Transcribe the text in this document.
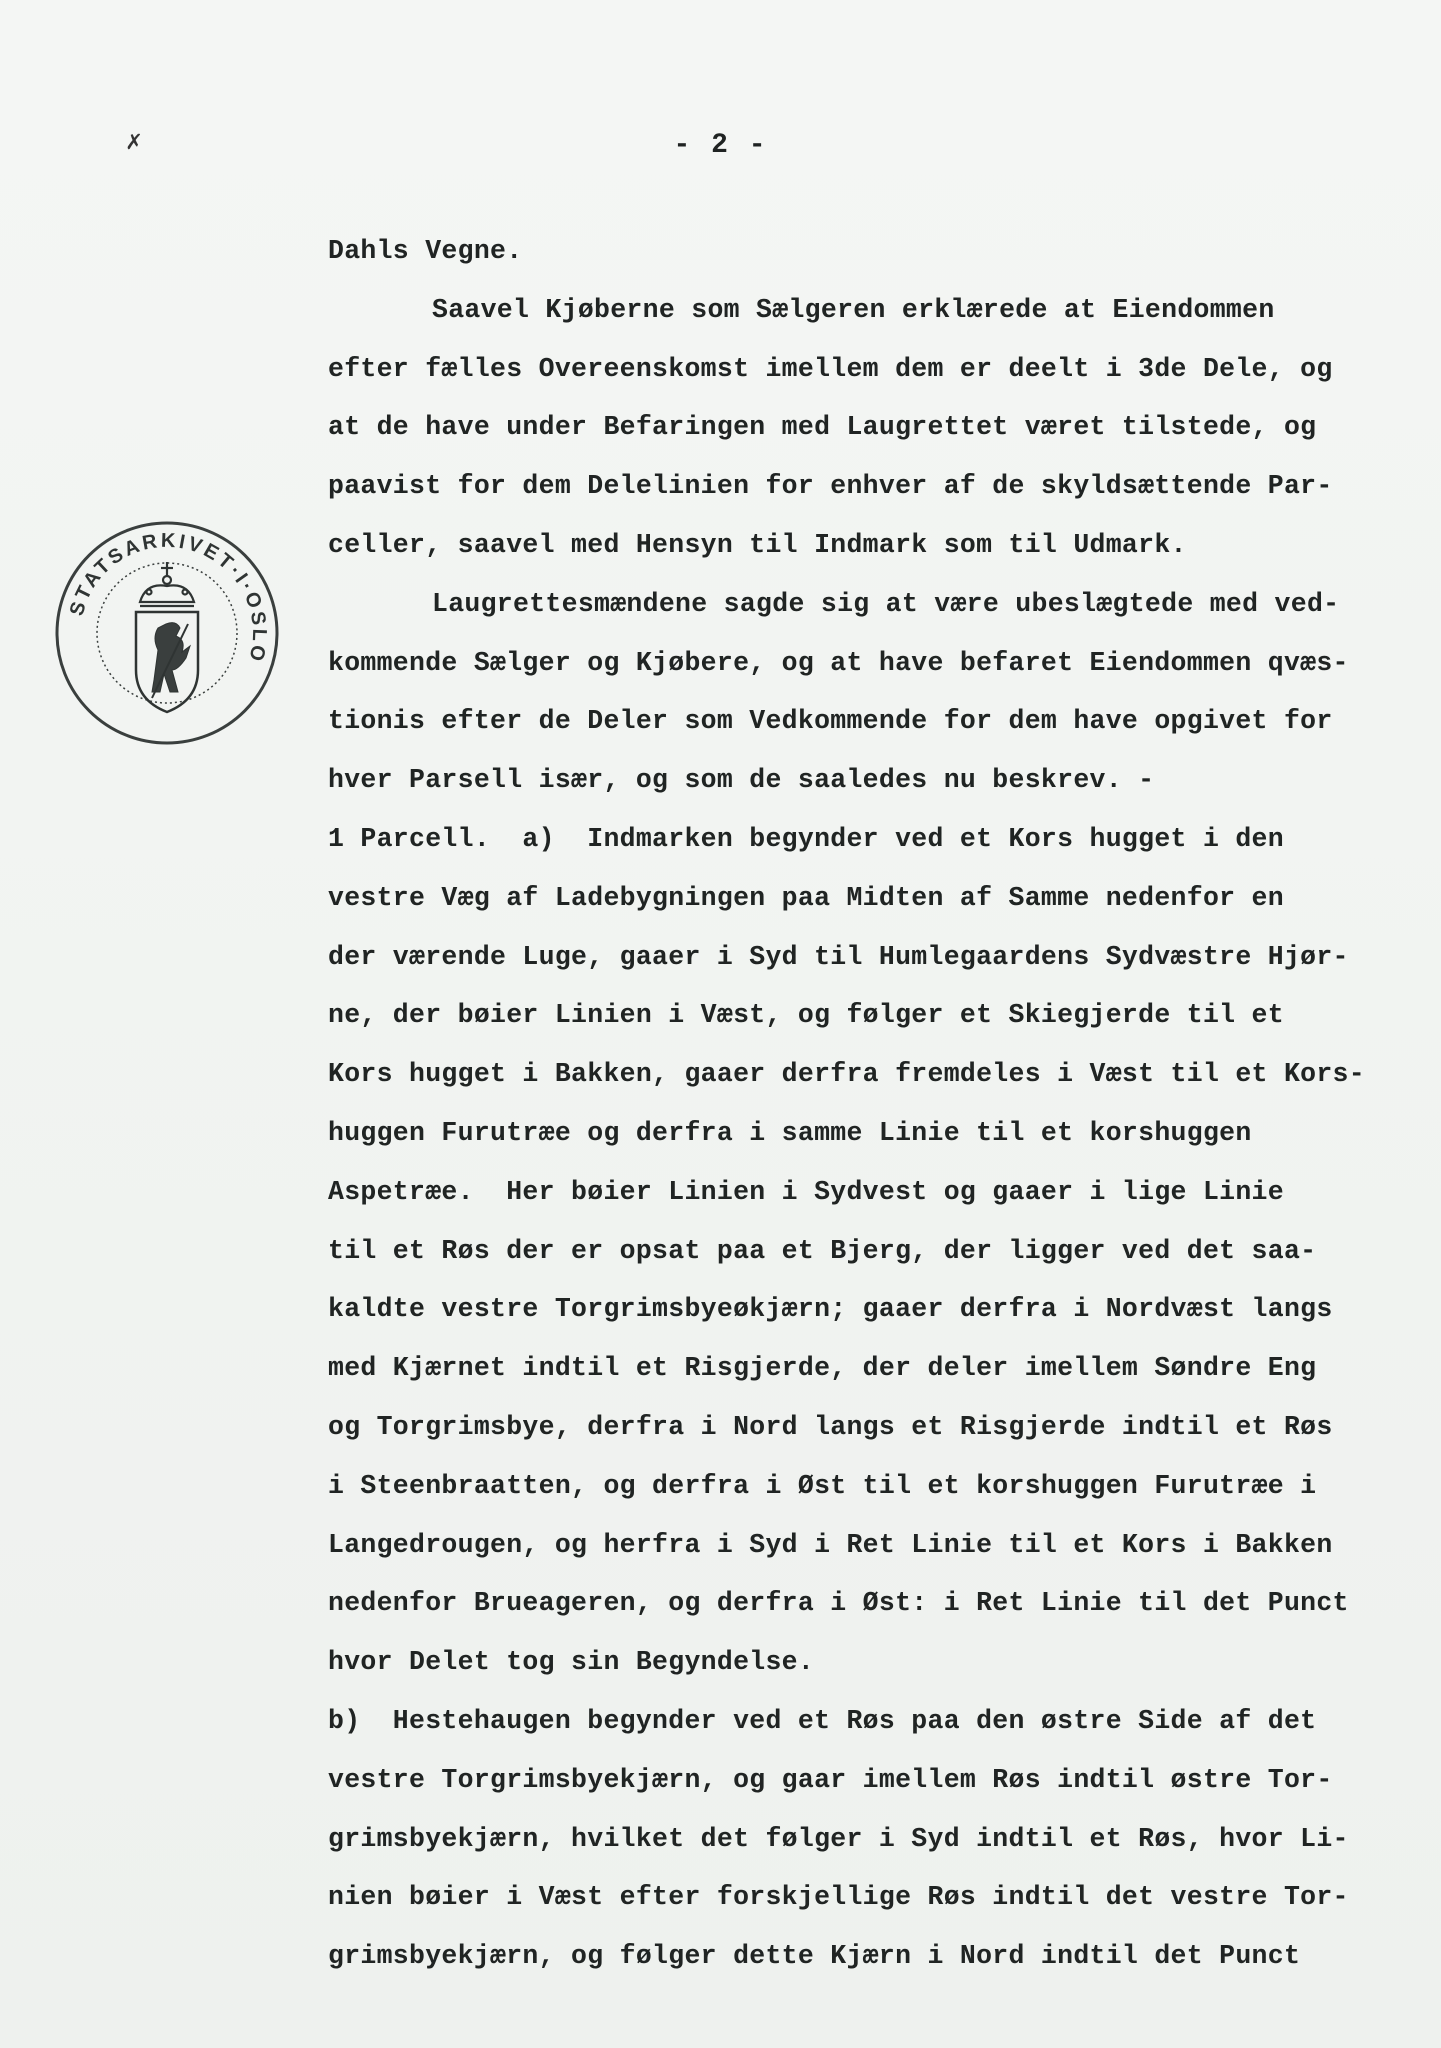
✗	- 2 -
STATSARKIVET·I·OSLO
Dahls Vegne.
Saavel Kjøberne som Sælgeren erklærede at Eiendommen
efter fælles Overeenskomst imellem dem er deelt i 3de Dele, og
at de have under Befaringen med Laugrettet været tilstede, og
paavist for dem Delelinien for enhver af de skyldsættende Par-
celler, saavel med Hensyn til Indmark som til Udmark.
Laugrettesmændene sagde sig at være ubeslægtede med ved-
kommende Sælger og Kjøbere, og at have befaret Eiendommen qvæs-
tionis efter de Deler som Vedkommende for dem have opgivet for
hver Parsell især, og som de saaledes nu beskrev. -
1 Parcell.  a)  Indmarken begynder ved et Kors hugget i den
vestre Væg af Ladebygningen paa Midten af Samme nedenfor en
der værende Luge, gaaer i Syd til Humlegaardens Sydvæstre Hjør-
ne, der bøier Linien i Væst, og følger et Skiegjerde til et
Kors hugget i Bakken, gaaer derfra fremdeles i Væst til et Kors-
huggen Furutræe og derfra i samme Linie til et korshuggen
Aspetræe.  Her bøier Linien i Sydvest og gaaer i lige Linie
til et Røs der er opsat paa et Bjerg, der ligger ved det saa-
kaldte vestre Torgrimsbyeøkjærn; gaaer derfra i Nordvæst langs
med Kjærnet indtil et Risgjerde, der deler imellem Søndre Eng
og Torgrimsbye, derfra i Nord langs et Risgjerde indtil et Røs
i Steenbraatten, og derfra i Øst til et korshuggen Furutræe i
Langedrougen, og herfra i Syd i Ret Linie til et Kors i Bakken
nedenfor Brueageren, og derfra i Øst: i Ret Linie til det Punct
hvor Delet tog sin Begyndelse.
b)  Hestehaugen begynder ved et Røs paa den østre Side af det
vestre Torgrimsbyekjærn, og gaar imellem Røs indtil østre Tor-
grimsbyekjærn, hvilket det følger i Syd indtil et Røs, hvor Li-
nien bøier i Væst efter forskjellige Røs indtil det vestre Tor-
grimsbyekjærn, og følger dette Kjærn i Nord indtil det Punct
